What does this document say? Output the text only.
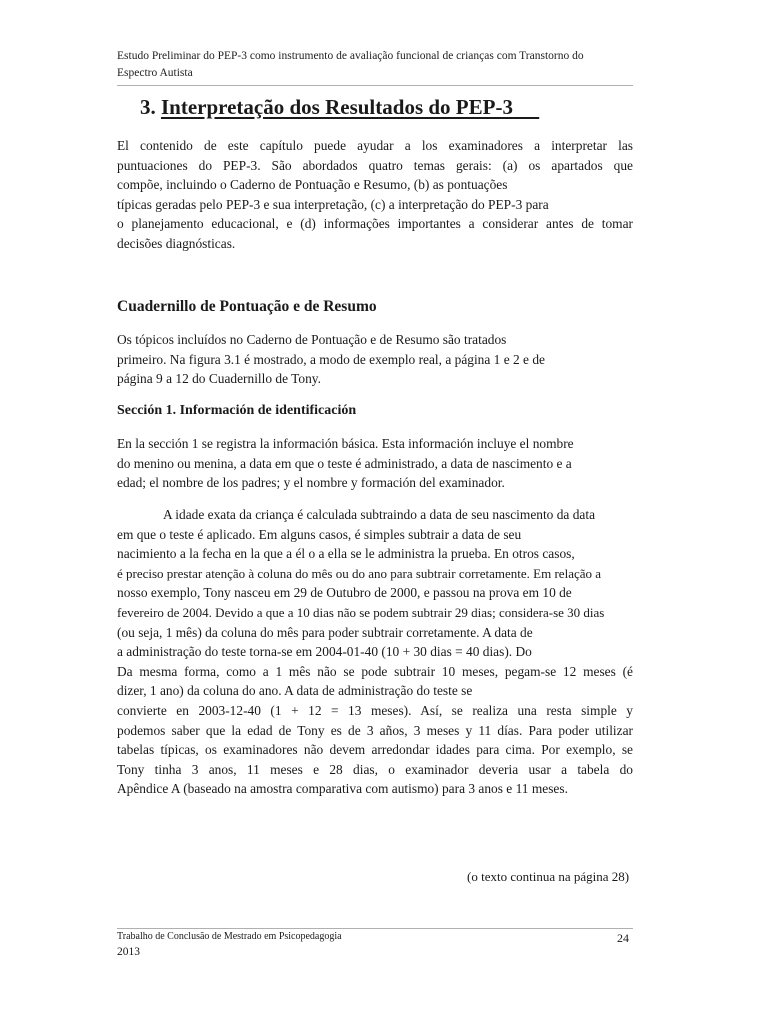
Estudo Preliminar do PEP-3 como instrumento de avaliação funcional de crianças com Transtorno do
Espectro Autista
3. Interpretação dos Resultados do PEP-3
El contenido de este capítulo puede ayudar a los examinadores a interpretar las
puntuaciones do PEP-3. São abordados quatro temas gerais: (a) os apartados que
compõe, incluindo o Caderno de Pontuação e Resumo, (b) as pontuações
típicas geradas pelo PEP-3 e sua interpretação, (c) a interpretação do PEP-3 para
o planejamento educacional, e (d) informações importantes a considerar antes de tomar
decisões diagnósticas.
Cuadernillo de Pontuação e de Resumo
Os tópicos incluídos no Caderno de Pontuação e de Resumo são tratados
primeiro. Na figura 3.1 é mostrado, a modo de exemplo real, a página 1 e 2 e de
página 9 a 12 do Cuadernillo de Tony.
Sección 1. Información de identificación
En la sección 1 se registra la información básica. Esta información incluye el nombre
do menino ou menina, a data em que o teste é administrado, a data de nascimento e a
edad; el nombre de los padres; y el nombre y formación del examinador.
A idade exata da criança é calculada subtraindo a data de seu nascimento da data
em que o teste é aplicado. Em alguns casos, é simples subtrair a data de seu
nacimiento a la fecha en la que a él o a ella se le administra la prueba. En otros casos,
é preciso prestar atenção à coluna do mês ou do ano para subtrair corretamente. Em relação a
nosso exemplo, Tony nasceu em 29 de Outubro de 2000, e passou na prova em 10 de
fevereiro de 2004. Devido a que a 10 dias não se podem subtrair 29 dias; considera-se 30 dias
(ou seja, 1 mês) da coluna do mês para poder subtrair corretamente. A data de
a administração do teste torna-se em 2004-01-40 (10 + 30 dias = 40 dias). Do
Da mesma forma, como a 1 mês não se pode subtrair 10 meses, pegam-se 12 meses (é
dizer, 1 ano) da coluna do ano. A data de administração do teste se
convierte en 2003-12-40 (1 + 12 = 13 meses). Así, se realiza una resta simple y
podemos saber que la edad de Tony es de 3 años, 3 meses y 11 días. Para poder utilizar
tabelas típicas, os examinadores não devem arredondar idades para cima. Por exemplo, se
Tony tinha 3 anos, 11 meses e 28 dias, o examinador deveria usar a tabela do
Apêndice A (baseado na amostra comparativa com autismo) para 3 anos e 11 meses.
(o texto continua na página 28)
Trabalho de Conclusão de Mestrado em Psicopedagogia
2013
24
